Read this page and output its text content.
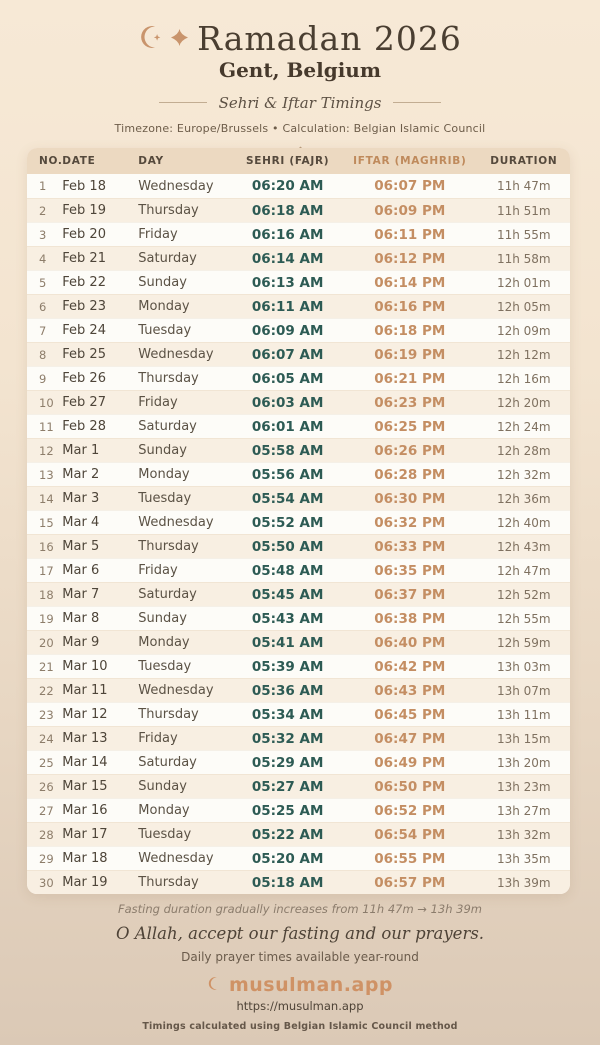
Ramadan 2026
Gent, Belgium
Sehri & Iftar Timings
Timezone: Europe/Brussels • Calculation: Belgian Islamic Council
NO. DATE	DAY	SEHRI (FAJR)	IFTAR (MAGHRIB)	DURATION
1	Feb 18	Wednesday	06:20 AM	06:07 PM	11h 47m
2	Feb 19	Thursday	06:18 AM	06:09 PM	11h 51m
3	Feb 20	Friday	06:16 AM	06:11 PM	11h 55m
4	Feb 21	Saturday	06:14 AM	06:12 PM	11h 58m
5	Feb 22	Sunday	06:13 AM	06:14 PM	12h 01m
6	Feb 23	Monday	06:11 AM	06:16 PM	12h 05m
7	Feb 24	Tuesday	06:09 AM	06:18 PM	12h 09m
8	Feb 25	Wednesday	06:07 AM	06:19 PM	12h 12m
9	Feb 26	Thursday	06:05 AM	06:21 PM	12h 16m
10 Feb 27	Friday	06:03 AM	06:23 PM	12h 20m
11 Feb 28	Saturday	06:01 AM	06:25 PM	12h 24m
12 Mar 1	Sunday	05:58 AM	06:26 PM	12h 28m
13 Mar 2	Monday	05:56 AM	06:28 PM	12h 32m
14 Mar 3	Tuesday	05:54 AM	06:30 PM	12h 36m
15 Mar 4	Wednesday	05:52 AM	06:32 PM	12h 40m
16 Mar 5	Thursday	05:50 AM	06:33 PM	12h 43m
17 Mar 6	Friday	05:48 AM	06:35 PM	12h 47m
18 Mar 7	Saturday	05:45 AM	06:37 PM	12h 52m
19 Mar 8	Sunday	05:43 AM	06:38 PM	12h 55m
20 Mar 9	Monday	05:41 AM	06:40 PM	12h 59m
21 Mar 10	Tuesday	05:39 AM	06:42 PM	13h 03m
22 Mar 11	Wednesday	05:36 AM	06:43 PM	13h 07m
23 Mar 12	Thursday	05:34 AM	06:45 PM	13h 11m
24 Mar 13	Friday	05:32 AM	06:47 PM	13h 15m
25 Mar 14	Saturday	05:29 AM	06:49 PM	13h 20m
26 Mar 15	Sunday	05:27 AM	06:50 PM	13h 23m
27 Mar 16	Monday	05:25 AM	06:52 PM	13h 27m
28 Mar 17	Tuesday	05:22 AM	06:54 PM	13h 32m
29 Mar 18	Wednesday	05:20 AM	06:55 PM	13h 35m
30 Mar 19	Thursday	05:18 AM	06:57 PM	13h 39m
Fasting duration gradually increases from 11h 47m → 13h 39m
O Allah, accept our fasting and our prayers.
Daily prayer times available year-round
musulman.app
https://musulman.app
Timings calculated using Belgian Islamic Council method
